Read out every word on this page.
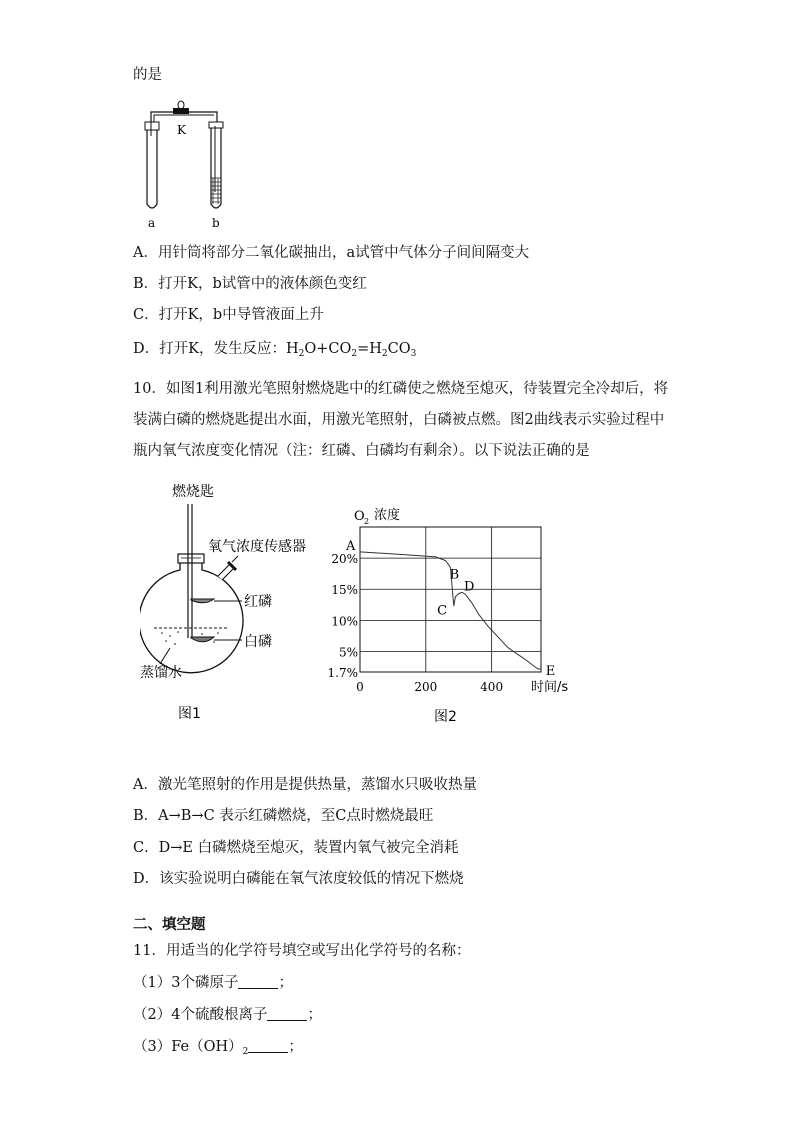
的是
K
a	b
A．用针筒将部分二氧化碳抽出，a试管中气体分子间间隔变大
B．打开K，b试管中的液体颜色变红
C．打开K，b中导管液面上升
D．打开K，发生反应：$H_2O+CO_2=H_2CO_3$
10．如图1利用激光笔照射燃烧匙中的红磷使之燃烧至熄灭，待装置完全冷却后，将
装满白磷的燃烧匙提出水面，用激光笔照射，白磷被点燃。图2曲线表示实验过程中
瓶内氧气浓度变化情况（注：红磷、白磷均有剩余）。以下说法正确的是
燃烧匙
氧气浓度传感器
红磷
白磷
蒸馏水
图1
O 2 浓度
1.7%
5%
10%
15%
20%
0	200	400
A
B
C
D
E
时间/s
图2
A．激光笔照射的作用是提供热量，蒸馏水只吸收热量
B．A→B→C 表示红磷燃烧，至C点时燃烧最旺
C．D→E 白磷燃烧至熄灭，装置内氧气被完全消耗
D．该实验说明白磷能在氧气浓度较低的情况下燃烧
二、填空题
11．用适当的化学符号填空或写出化学符号的名称：
（1）3个磷原子	；
（2）4个硫酸根离子	；
$(3)Fe(OH)_2$	；
